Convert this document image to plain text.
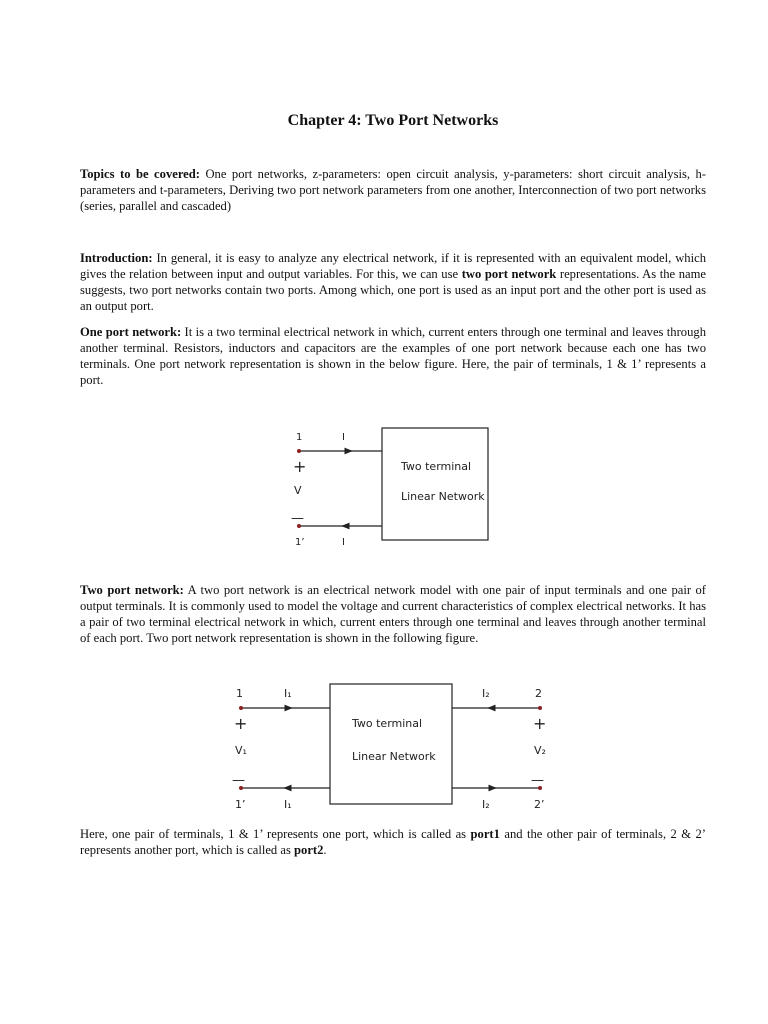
Chapter 4: Two Port Networks

Topics to be covered: One port networks, z-parameters: open circuit analysis, y-parameters: short circuit analysis, h-parameters and t-parameters, Deriving two port network parameters from one another, Interconnection of two port networks (series, parallel and cascaded)

Introduction: In general, it is easy to analyze any electrical network, if it is represented with an equivalent model, which gives the relation between input and output variables. For this, we can use two port network representations. As the name suggests, two port networks contain two ports. Among which, one port is used as an input port and the other port is used as an output port.

One port network: It is a two terminal electrical network in which, current enters through one terminal and leaves through another terminal. Resistors, inductors and capacitors are the examples of one port network because each one has two terminals. One port network representation is shown in the below figure. Here, the pair of terminals, 1 & 1’ represents a port.

Two port network: A two port network is an electrical network model with one pair of input terminals and one pair of output terminals. It is commonly used to model the voltage and current characteristics of complex electrical networks. It has a pair of two terminal electrical network in which, current enters through one terminal and leaves through another terminal of each port. Two port network representation is shown in the following figure.

Here, one pair of terminals, 1 & 1’ represents one port, which is called as port1 and the other pair of terminals, 2 & 2’ represents another port, which is called as port2.

1
1’
I
I
+
V
—
Two terminal
Linear Network
1
1’
2
2’
I₁
I₁
I₂
I₂
+	+
V₁	V₂
—	—
Two terminal
Linear Network
